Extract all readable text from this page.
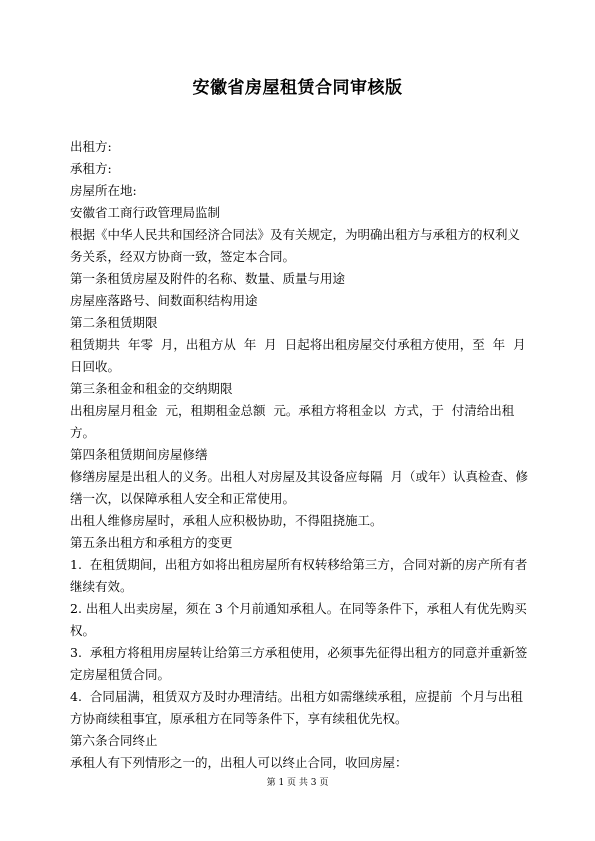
安徽省房屋租赁合同审核版

出租方:

承租方:

房屋所在地:

安徽省工商行政管理局监制

根据《中华人民共和国经济合同法》及有关规定，为明确出租方与承租方的权利义务关系，经双方协商一致，签定本合同。

第一条租赁房屋及附件的名称、数量、质量与用途

房屋座落路号、间数面积结构用途

第二条租赁期限

租赁期共  年零  月，出租方从  年  月  日起将出租房屋交付承租方使用，至  年  月  日回收。

第三条租金和租金的交纳期限

出租房屋月租金  元，租期租金总额  元。承租方将租金以  方式，于  付清给出租方。

第四条租赁期间房屋修缮

修缮房屋是出租人的义务。出租人对房屋及其设备应每隔  月（或年）认真检查、修缮一次，以保障承租人安全和正常使用。

出租人维修房屋时，承租人应积极协助，不得阻挠施工。

第五条出租方和承租方的变更

1.  在租赁期间，出租方如将出租房屋所有权转移给第三方，合同对新的房产所有者继续有效。

2. 出租人出卖房屋，须在 3 个月前通知承租人。在同等条件下，承租人有优先购买权。

3.  承租方将租用房屋转让给第三方承租使用，必须事先征得出租方的同意并重新签定房屋租赁合同。

4.  合同届满，租赁双方及时办理清结。出租方如需继续承租，应提前  个月与出租方协商续租事宜，原承租方在同等条件下，享有续租优先权。

第六条合同终止

承租人有下列情形之一的，出租人可以终止合同，收回房屋：

第 1 页 共 3 页
